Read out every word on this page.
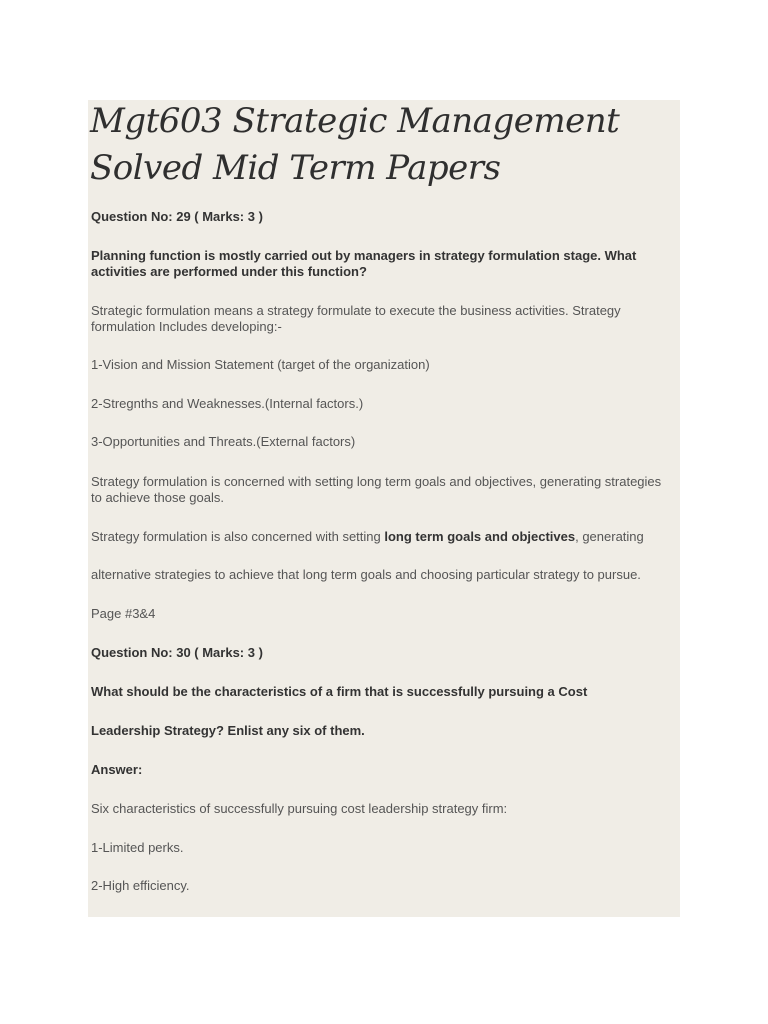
Mgt603 Strategic Management
Solved Mid Term Papers
Question No: 29 ( Marks: 3 )
Planning function is mostly carried out by managers in strategy formulation stage. What activities are performed under this function?
Strategic formulation means a strategy formulate to execute the business activities. Strategy formulation Includes developing:-
1-Vision and Mission Statement (target of the organization)
2-Stregnths and Weaknesses.(Internal factors.)
3-Opportunities and Threats.(External factors)
Strategy formulation is concerned with setting long term goals and objectives, generating strategies to achieve those goals.
Strategy formulation is also concerned with setting long term goals and objectives, generating
alternative strategies to achieve that long term goals and choosing particular strategy to pursue.
Page #3&4
Question No: 30 ( Marks: 3 )
What should be the characteristics of a firm that is successfully pursuing a Cost
Leadership Strategy? Enlist any six of them.
Answer:
Six characteristics of successfully pursuing cost leadership strategy firm:
1-Limited perks.
2-High efficiency.
